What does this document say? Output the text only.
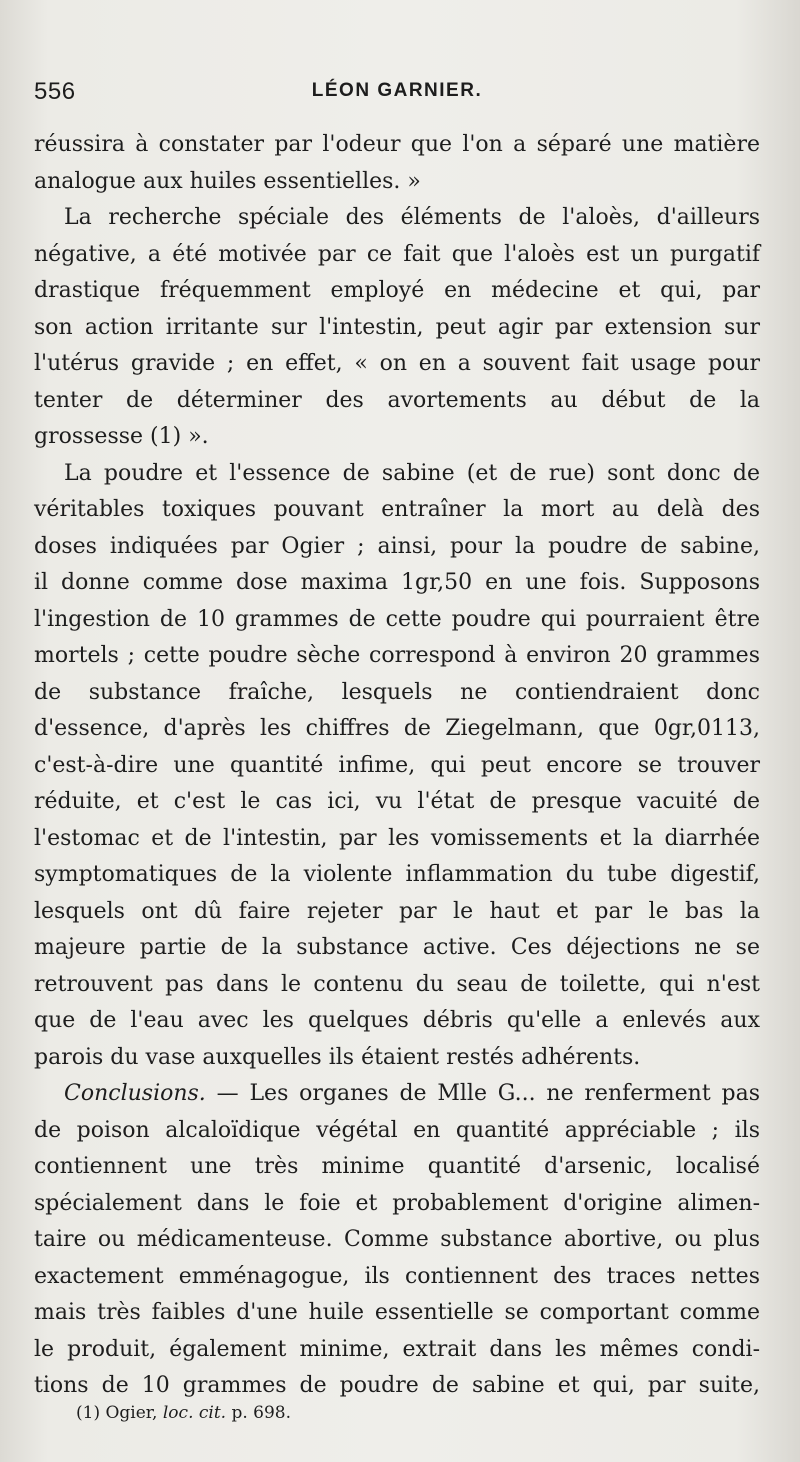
556	LÉON GARNIER.
réussira à constater par l'odeur que l'on a séparé une matière
analogue aux huiles essentielles. »
La recherche spéciale des éléments de l'aloès, d'ailleurs
négative, a été motivée par ce fait que l'aloès est un purgatif
drastique fréquemment employé en médecine et qui, par
son action irritante sur l'intestin, peut agir par extension sur
l'utérus gravide ; en effet, « on en a souvent fait usage pour
tenter de déterminer des avortements au début de la
grossesse (1) ».
La poudre et l'essence de sabine (et de rue) sont donc de
véritables toxiques pouvant entraîner la mort au delà des
doses indiquées par Ogier ; ainsi, pour la poudre de sabine,
il donne comme dose maxima 1gr,50 en une fois. Supposons
l'ingestion de 10 grammes de cette poudre qui pourraient être
mortels ; cette poudre sèche correspond à environ 20 grammes
de substance fraîche, lesquels ne contiendraient donc
d'essence, d'après les chiffres de Ziegelmann, que 0gr,0113,
c'est-à-dire une quantité infime, qui peut encore se trouver
réduite, et c'est le cas ici, vu l'état de presque vacuité de
l'estomac et de l'intestin, par les vomissements et la diarrhée
symptomatiques de la violente inflammation du tube digestif,
lesquels ont dû faire rejeter par le haut et par le bas la
majeure partie de la substance active. Ces déjections ne se
retrouvent pas dans le contenu du seau de toilette, qui n'est
que de l'eau avec les quelques débris qu'elle a enlevés aux
parois du vase auxquelles ils étaient restés adhérents.
Conclusions. — Les organes de Mlle G... ne renferment pas
de poison alcaloïdique végétal en quantité appréciable ; ils
contiennent une très minime quantité d'arsenic, localisé
spécialement dans le foie et probablement d'origine alimen-
taire ou médicamenteuse. Comme substance abortive, ou plus
exactement emménagogue, ils contiennent des traces nettes
mais très faibles d'une huile essentielle se comportant comme
le produit, également minime, extrait dans les mêmes condi-
tions de 10 grammes de poudre de sabine et qui, par suite,
(1) Ogier, loc. cit. p. 698.
